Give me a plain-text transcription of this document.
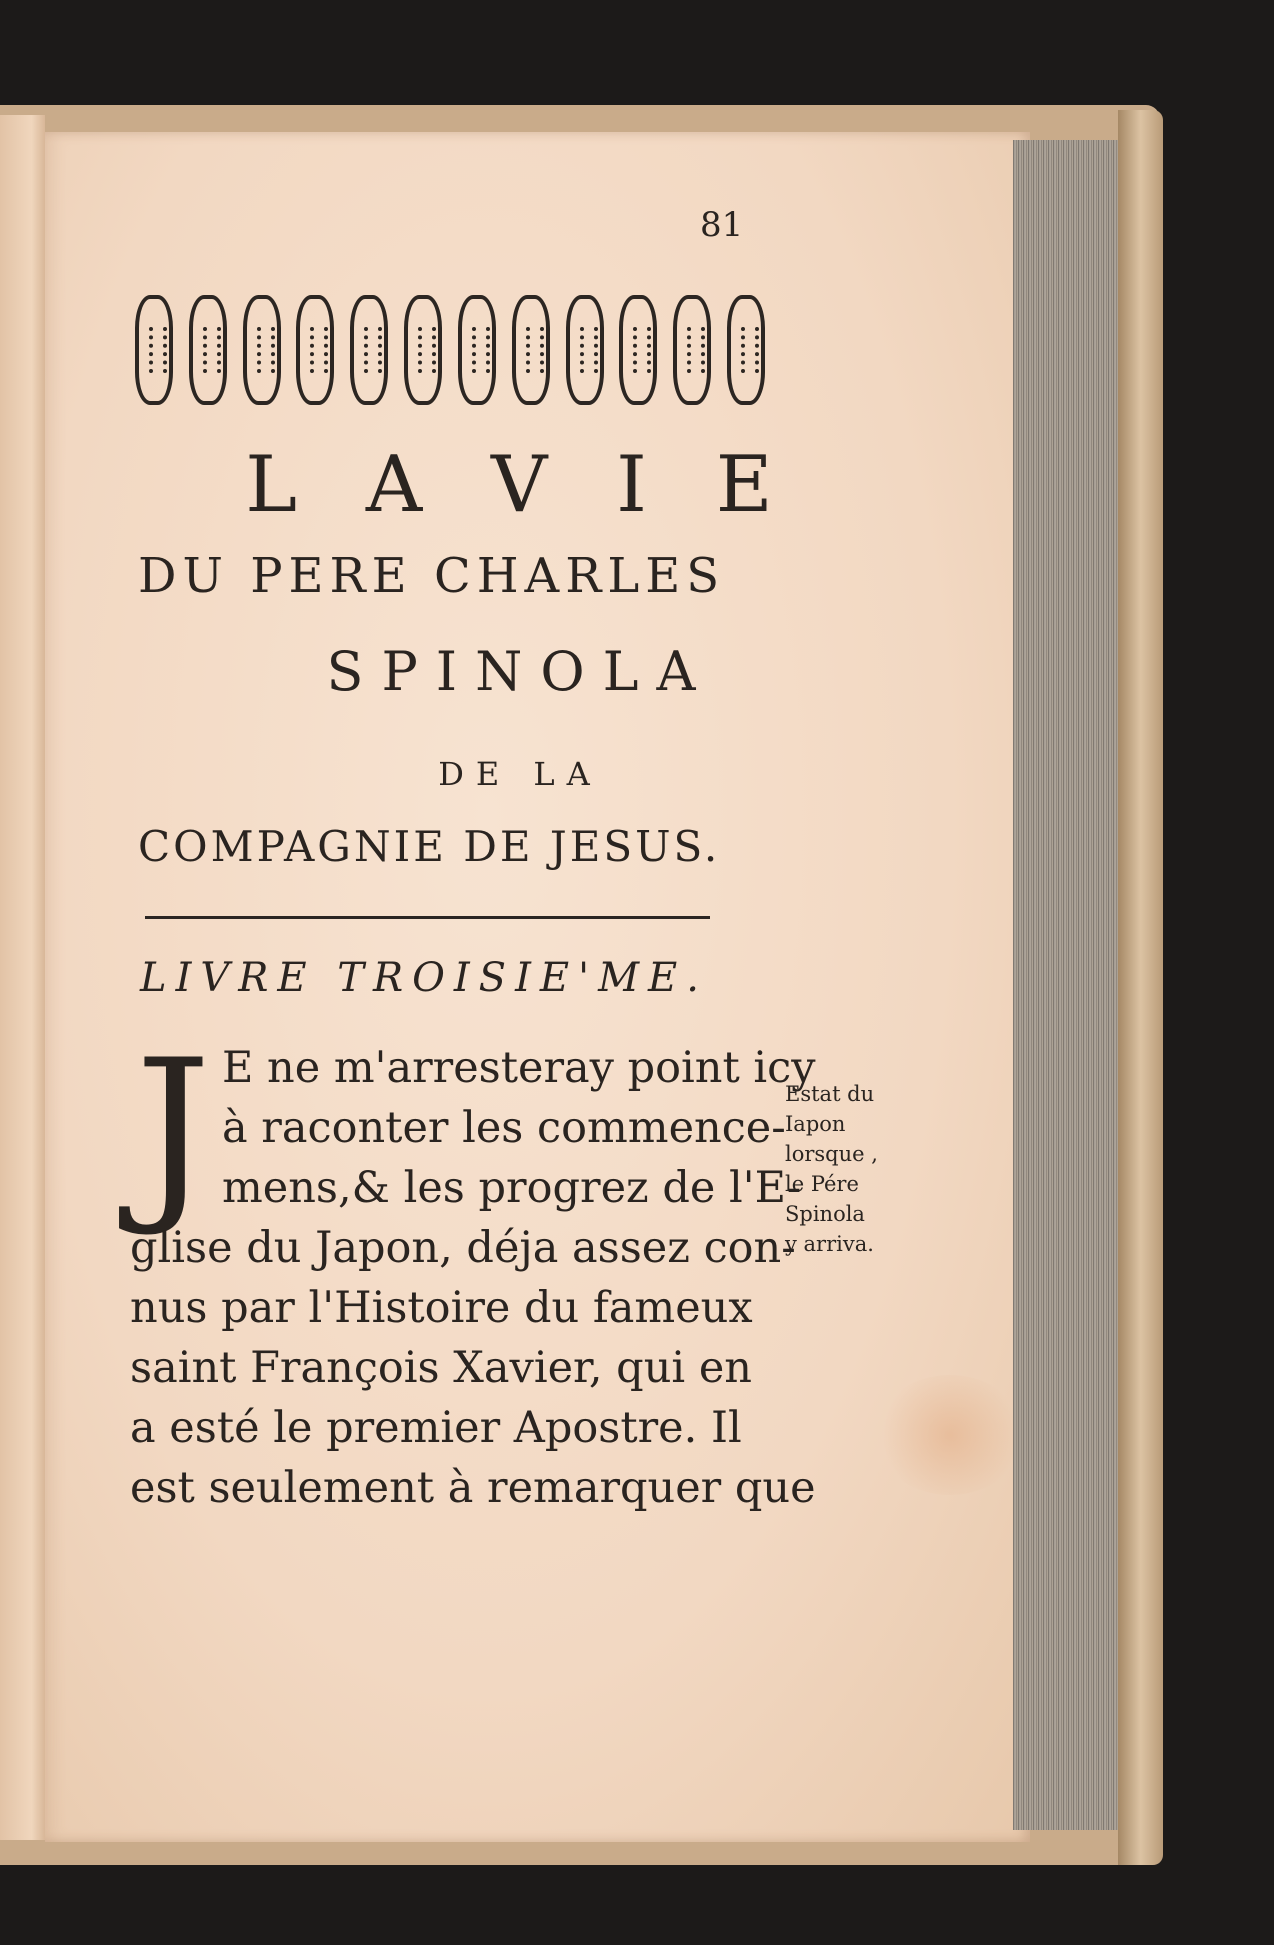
81
L A V I E
DU PERE CHARLES
SPINOLA
DE LA
COMPAGNIE DE JESUS.
LIVRE TROISIE'ME.
J E ne m'arresteray point icy
à raconter les commence-
mens,& les progrez de l'E-
glise du Japon, déja assez con-
nus par l'Histoire du fameux
saint François Xavier, qui en
a esté le premier Apostre. Il
est seulement à remarquer que
Estat du
Iapon
lorsque ,
le Pére
Spinola
y arriva.
